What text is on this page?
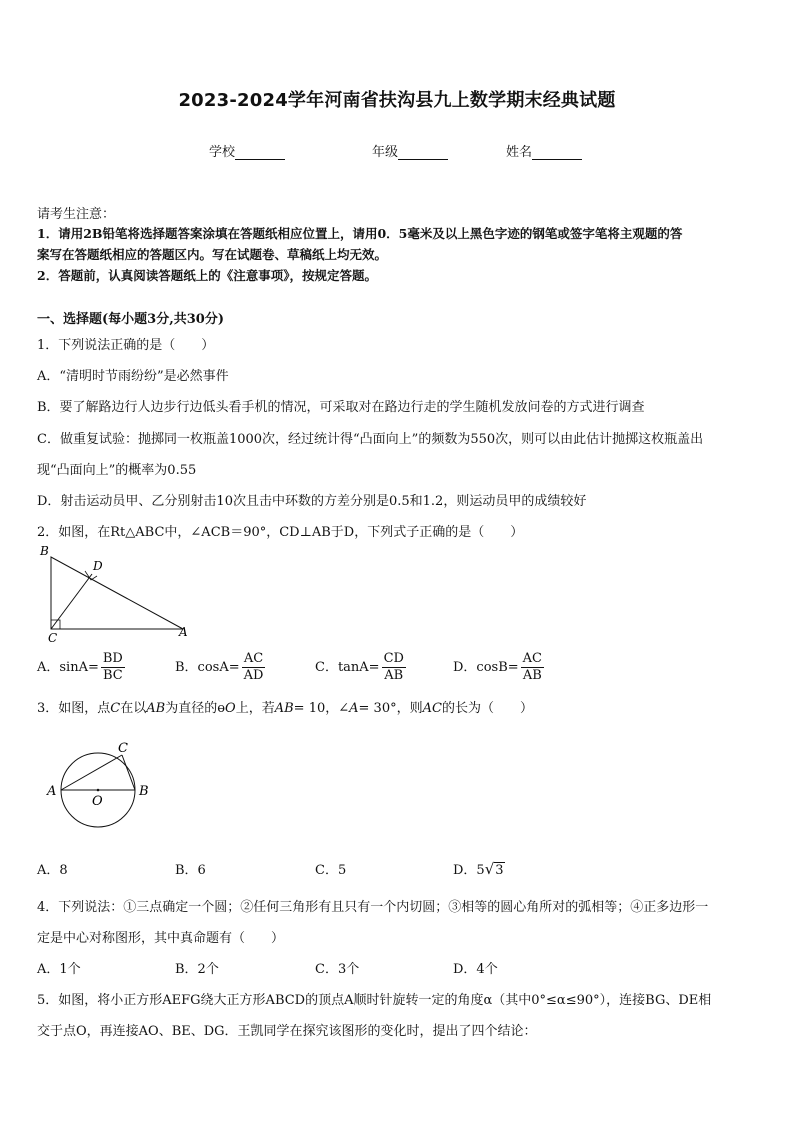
2023-2024学年河南省扶沟县九上数学期末经典试题
学校	年级	姓名
请考生注意：
1．请用2B铅笔将选择题答案涂填在答题纸相应位置上，请用0．5毫米及以上黑色字迹的钢笔或签字笔将主观题的答
案写在答题纸相应的答题区内。写在试题卷、草稿纸上均无效。
2．答题前，认真阅读答题纸上的《注意事项》，按规定答题。
一、选择题(每小题3分,共30分)
1．下列说法正确的是（　　）
A．“清明时节雨纷纷”是必然事件
B．要了解路边行人边步行边低头看手机的情况，可采取对在路边行走的学生随机发放问卷的方式进行调查
C．做重复试验：抛掷同一枚瓶盖1000次，经过统计得“凸面向上”的频数为550次，则可以由此估计抛掷这枚瓶盖出
现“凸面向上”的概率为0.55
D．射击运动员甲、乙分别射击10次且击中环数的方差分别是0.5和1.2，则运动员甲的成绩较好
2．如图，在Rt△ABC中，∠ACB＝90°，CD⊥AB于D，下列式子正确的是（　　）
B
D
C	A
A．$\sin A= \frac{BD}{BC}$	B．$\cos A= \frac{AC}{AD}$	C．$\tan A= \frac{CD}{AB}$	D．$\cos B= \frac{AC}{AB}$
3．如图，点C在以AB为直径的ɵO上，若AB= 10，∠A= 30°，则AC的长为（　　）
A	B
C
O
A．8	B．6	C．5	D．5√3
4．下列说法：①三点确定一个圆；②任何三角形有且只有一个内切圆；③相等的圆心角所对的弧相等；④正多边形一
定是中心对称图形，其中真命题有（　　）
A．1个	B．2个	C．3个	D．4个
5．如图，将小正方形AEFG绕大正方形ABCD的顶点A顺时针旋转一定的角度α（其中0°≤α≤90°），连接BG、DE相
交于点O，再连接AO、BE、DG．王凯同学在探究该图形的变化时，提出了四个结论：
